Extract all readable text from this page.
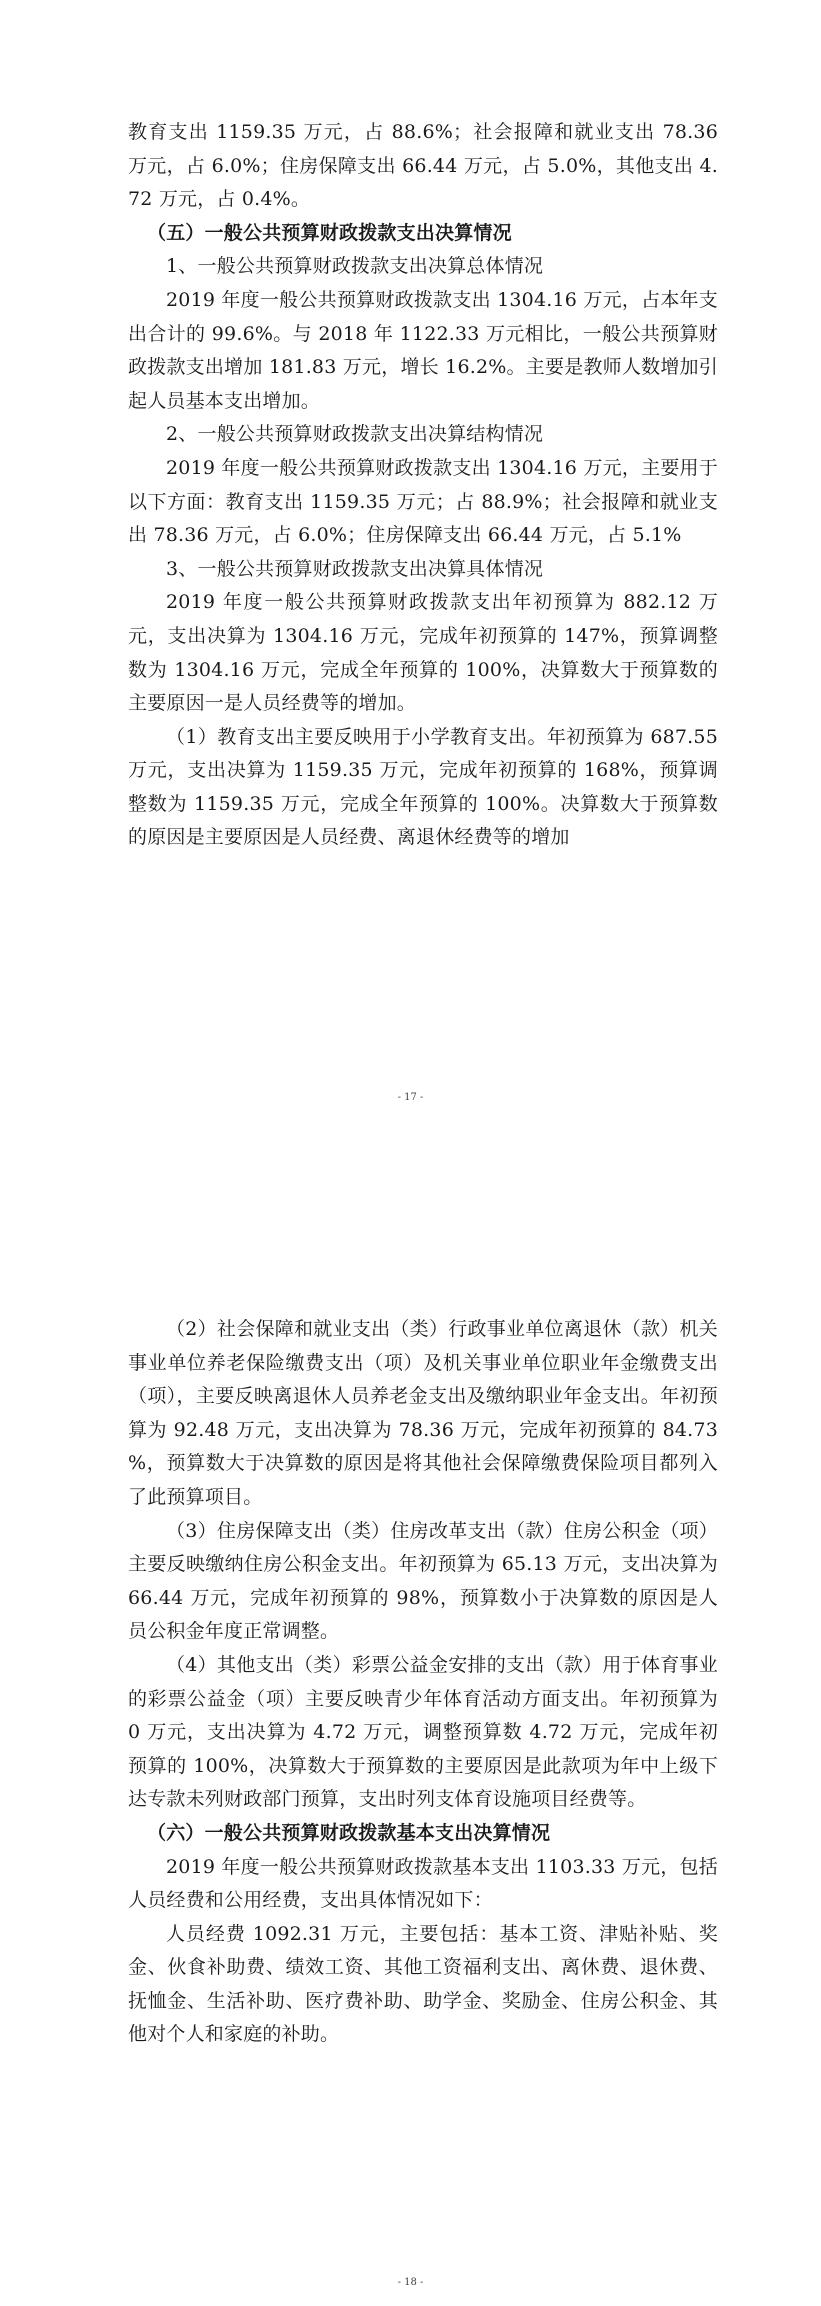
教育支出 1159.35 万元，占 88.6%；社会报障和就业支出 78.36 万元，占 6.0%；住房保障支出 66.44 万元，占 5.0%，其他支出 4.72 万元，占 0.4%。

（五）一般公共预算财政拨款支出决算情况

1、一般公共预算财政拨款支出决算总体情况

2019 年度一般公共预算财政拨款支出 1304.16 万元，占本年支出合计的 99.6%。与 2018 年 1122.33 万元相比，一般公共预算财政拨款支出增加 181.83 万元，增长 16.2%。主要是教师人数增加引起人员基本支出增加。

2、一般公共预算财政拨款支出决算结构情况

2019 年度一般公共预算财政拨款支出 1304.16 万元，主要用于以下方面：教育支出 1159.35 万元；占 88.9%；社会报障和就业支出 78.36 万元，占 6.0%；住房保障支出 66.44 万元，占 5.1%

3、一般公共预算财政拨款支出决算具体情况

2019 年度一般公共预算财政拨款支出年初预算为 882.12 万元，支出决算为 1304.16 万元，完成年初预算的 147%，预算调整数为 1304.16 万元，完成全年预算的 100%，决算数大于预算数的主要原因一是人员经费等的增加。

（1）教育支出主要反映用于小学教育支出。年初预算为 687.55 万元，支出决算为 1159.35 万元，完成年初预算的 168%，预算调整数为 1159.35 万元，完成全年预算的 100%。决算数大于预算数的原因是主要原因是人员经费、离退休经费等的增加

- 17 -

（2）社会保障和就业支出（类）行政事业单位离退休（款）机关事业单位养老保险缴费支出（项）及机关事业单位职业年金缴费支出（项），主要反映离退休人员养老金支出及缴纳职业年金支出。年初预算为 92.48 万元，支出决算为 78.36 万元，完成年初预算的 84.73 %，预算数大于决算数的原因是将其他社会保障缴费保险项目都列入了此预算项目。

（3）住房保障支出（类）住房改革支出（款）住房公积金（项）主要反映缴纳住房公积金支出。年初预算为 65.13 万元，支出决算为 66.44 万元，完成年初预算的 98%，预算数小于决算数的原因是人员公积金年度正常调整。

（4）其他支出（类）彩票公益金安排的支出（款）用于体育事业的彩票公益金（项）主要反映青少年体育活动方面支出。年初预算为 0 万元，支出决算为 4.72 万元，调整预算数 4.72 万元，完成年初预算的 100%，决算数大于预算数的主要原因是此款项为年中上级下达专款未列财政部门预算，支出时列支体育设施项目经费等。

（六）一般公共预算财政拨款基本支出决算情况

2019 年度一般公共预算财政拨款基本支出 1103.33 万元，包括人员经费和公用经费，支出具体情况如下：

人员经费 1092.31 万元，主要包括：基本工资、津贴补贴、奖金、伙食补助费、绩效工资、其他工资福利支出、离休费、退休费、抚恤金、生活补助、医疗费补助、助学金、奖励金、住房公积金、其他对个人和家庭的补助。

- 18 -
